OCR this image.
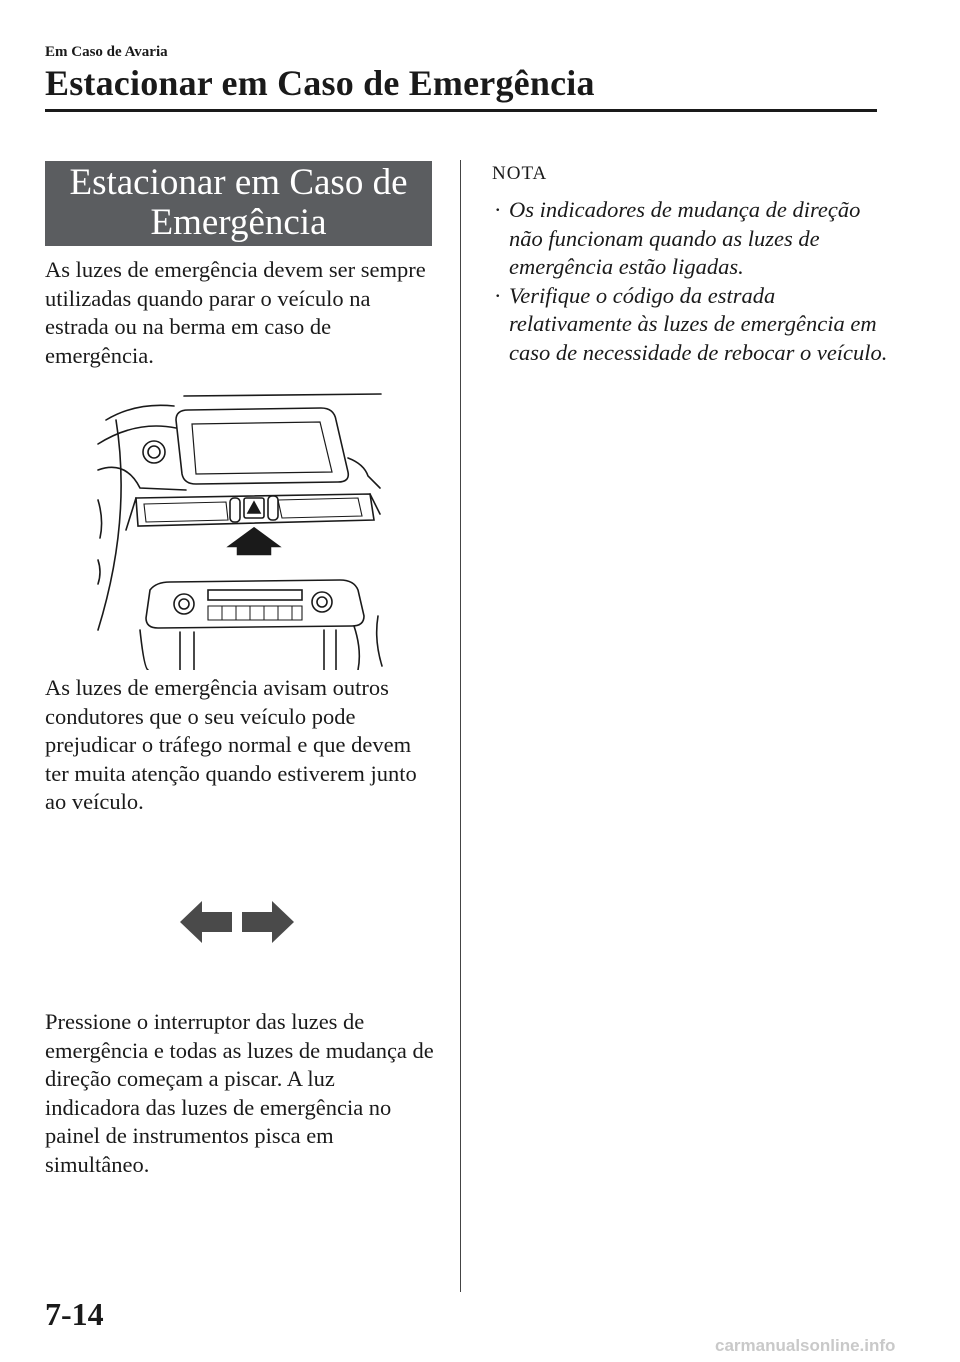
Em Caso de Avaria
Estacionar em Caso de Emergência
Estacionar em Caso de
Emergência
As luzes de emergência devem ser sempre utilizadas quando parar o veículo na estrada ou na berma em caso de emergência.
As luzes de emergência avisam outros condutores que o seu veículo pode prejudicar o tráfego normal e que devem ter muita atenção quando estiverem junto ao veículo.
Pressione o interruptor das luzes de emergência e todas as luzes de mudança de direção começam a piscar. A luz indicadora das luzes de emergência no painel de instrumentos pisca em simultâneo.
NOTA
· Os indicadores de mudança de direção não funcionam quando as luzes de emergência estão ligadas.
· Verifique o código da estrada relativamente às luzes de emergência em caso de necessidade de rebocar o veículo.
7-14
carmanualsonline.info
